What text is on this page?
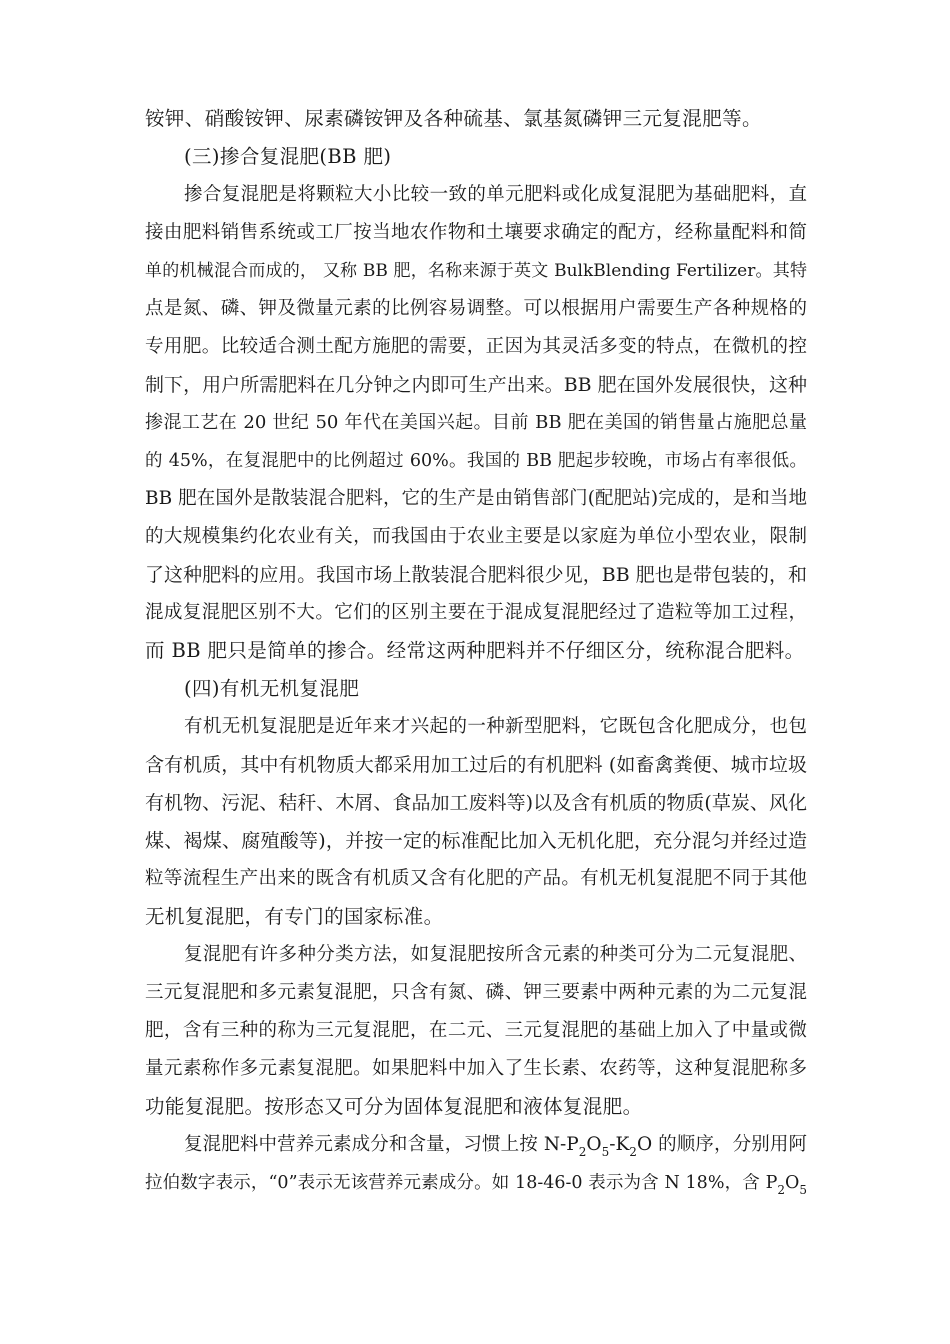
铵钾、硝酸铵钾、尿素磷铵钾及各种硫基、氯基氮磷钾三元复混肥等。
(三)掺合复混肥(BB 肥)
掺合复混肥是将颗粒大小比较一致的单元肥料或化成复混肥为基础肥料，直
接由肥料销售系统或工厂按当地农作物和土壤要求确定的配方，经称量配料和简
单的机械混合而成的， 又称 BB 肥，名称来源于英文 BulkBlending Fertilizer。其特
点是氮、磷、钾及微量元素的比例容易调整。可以根据用户需要生产各种规格的
专用肥。比较适合测土配方施肥的需要，正因为其灵活多变的特点，在微机的控
制下，用户所需肥料在几分钟之内即可生产出来。BB 肥在国外发展很快，这种
掺混工艺在 20 世纪 50 年代在美国兴起。目前 BB 肥在美国的销售量占施肥总量
的 45%，在复混肥中的比例超过 60%。我国的 BB 肥起步较晚，市场占有率很低。
BB 肥在国外是散装混合肥料，它的生产是由销售部门(配肥站)完成的，是和当地
的大规模集约化农业有关，而我国由于农业主要是以家庭为单位小型农业，限制
了这种肥料的应用。我国市场上散装混合肥料很少见，BB 肥也是带包装的，和
混成复混肥区别不大。它们的区别主要在于混成复混肥经过了造粒等加工过程，
而 BB 肥只是简单的掺合。经常这两种肥料并不仔细区分，统称混合肥料。
(四)有机无机复混肥
有机无机复混肥是近年来才兴起的一种新型肥料，它既包含化肥成分，也包
含有机质，其中有机物质大都采用加工过后的有机肥料 (如畜禽粪便、城市垃圾
有机物、污泥、秸秆、木屑、食品加工废料等)以及含有机质的物质(草炭、风化
煤、褐煤、腐殖酸等)，并按一定的标准配比加入无机化肥，充分混匀并经过造
粒等流程生产出来的既含有机质又含有化肥的产品。有机无机复混肥不同于其他
无机复混肥，有专门的国家标准。
复混肥有许多种分类方法，如复混肥按所含元素的种类可分为二元复混肥、
三元复混肥和多元素复混肥，只含有氮、磷、钾三要素中两种元素的为二元复混
肥，含有三种的称为三元复混肥，在二元、三元复混肥的基础上加入了中量或微
量元素称作多元素复混肥。如果肥料中加入了生长素、农药等，这种复混肥称多
功能复混肥。按形态又可分为固体复混肥和液体复混肥。
复混肥料中营养元素成分和含量，习惯上按 $N-P_2O_5-K_2O$ 的顺序，分别用阿
拉伯数字表示，“0”表示无该营养元素成分。如 18-46-0 表示为含 N 18%，含 $P_2O_5$
